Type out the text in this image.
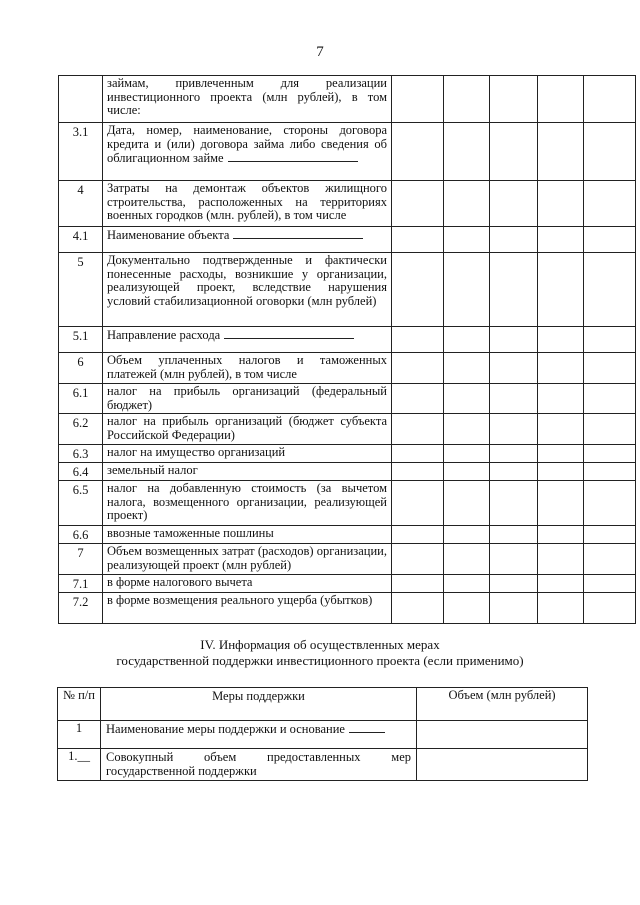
7
	займам, привлеченным для реализации инвестиционного проекта (млн рублей), в том числе:					
3.1	Дата, номер, наименование, стороны договора кредита и (или) договора займа либо сведения об облигационном займе					
4	Затраты на демонтаж объектов жилищного строительства, расположенных на территориях военных городков (млн. рублей), в том числе					
4.1	Наименование объекта					
5	Документально подтвержденные и фактически понесенные расходы, возникшие у организации, реализующей проект, вследствие нарушения условий стабилизационной оговорки (млн рублей)					
5.1	Направление расхода					
6	Объем уплаченных налогов и таможенных платежей (млн рублей), в том числе					
6.1	налог на прибыль организаций (федеральный бюджет)					
6.2	налог на прибыль организаций (бюджет субъекта Российской Федерации)					
6.3	налог на имущество организаций					
6.4	земельный налог					
6.5	налог на добавленную стоимость (за вычетом налога, возмещенного организации, реализующей проект)					
6.6	ввозные таможенные пошлины					
7	Объем возмещенных затрат (расходов) организации, реализующей проект (млн рублей)					
7.1	в форме налогового вычета					
7.2	в форме возмещения реального ущерба (убытков)					
IV. Информация об осуществленных мерах
государственной поддержки инвестиционного проекта (если применимо)
№ п/п	Меры поддержки	Объем (млн рублей)
1	Наименование меры поддержки и основание	
1.__	Совокупный объем предоставленных мер государственной поддержки	
